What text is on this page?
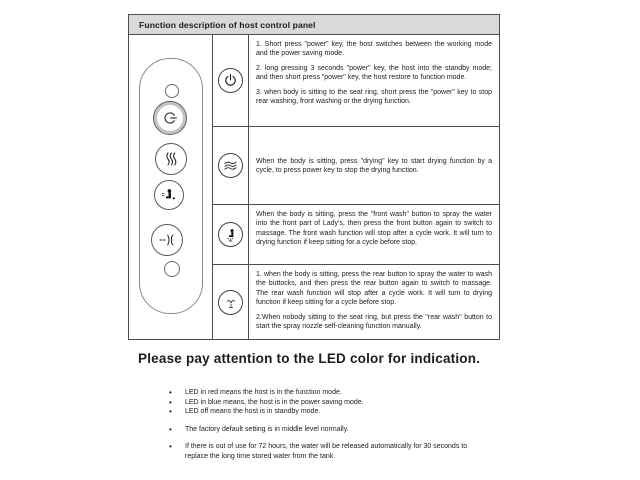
Function description of host control panel

1. Short press "power" key, the host switches between the working mode and the power saving mode.

2. long pressing 3 seconds "power" key, the host into the standby mode; and then short press "power" key, the host restore to function mode.

3. when body is sitting to the seat ring, short press the "power" key to stop rear washing, front washing or the drying function.

When the body is sitting, press "drying" key to start drying function by a cycle, to press power key to stop the drying function.

When the body is sitting, press the "front wash" button to spray the water into the front part of Lady's, then press the front button again to switch to massage. The front wash function will stop after a cycle work. It will turn to drying function if keep sitting for a cycle before stop.

1. when the body is sitting, press the rear button to spray the water to wash the buttocks, and then press the rear button again to switch to massage. The rear wash function will stop after a cycle work. It will turn to drying function if keep sitting for a cycle before stop.

2.When nobody sitting to the seat ring, but press the "rear wash" button to start the spray nozzle self-cleaning function manually.

Please pay attention to the LED color for indication.
• LED in red means the host is in the function mode.
• LED in blue means, the host is in the power saving mode.
• LED off means the host is in standby mode.
• The factory default setting is in middle level normally.
• If there is out of use for 72 hours, the water will be released automatically for 30 seconds to replace the long time stored water from the tank.
